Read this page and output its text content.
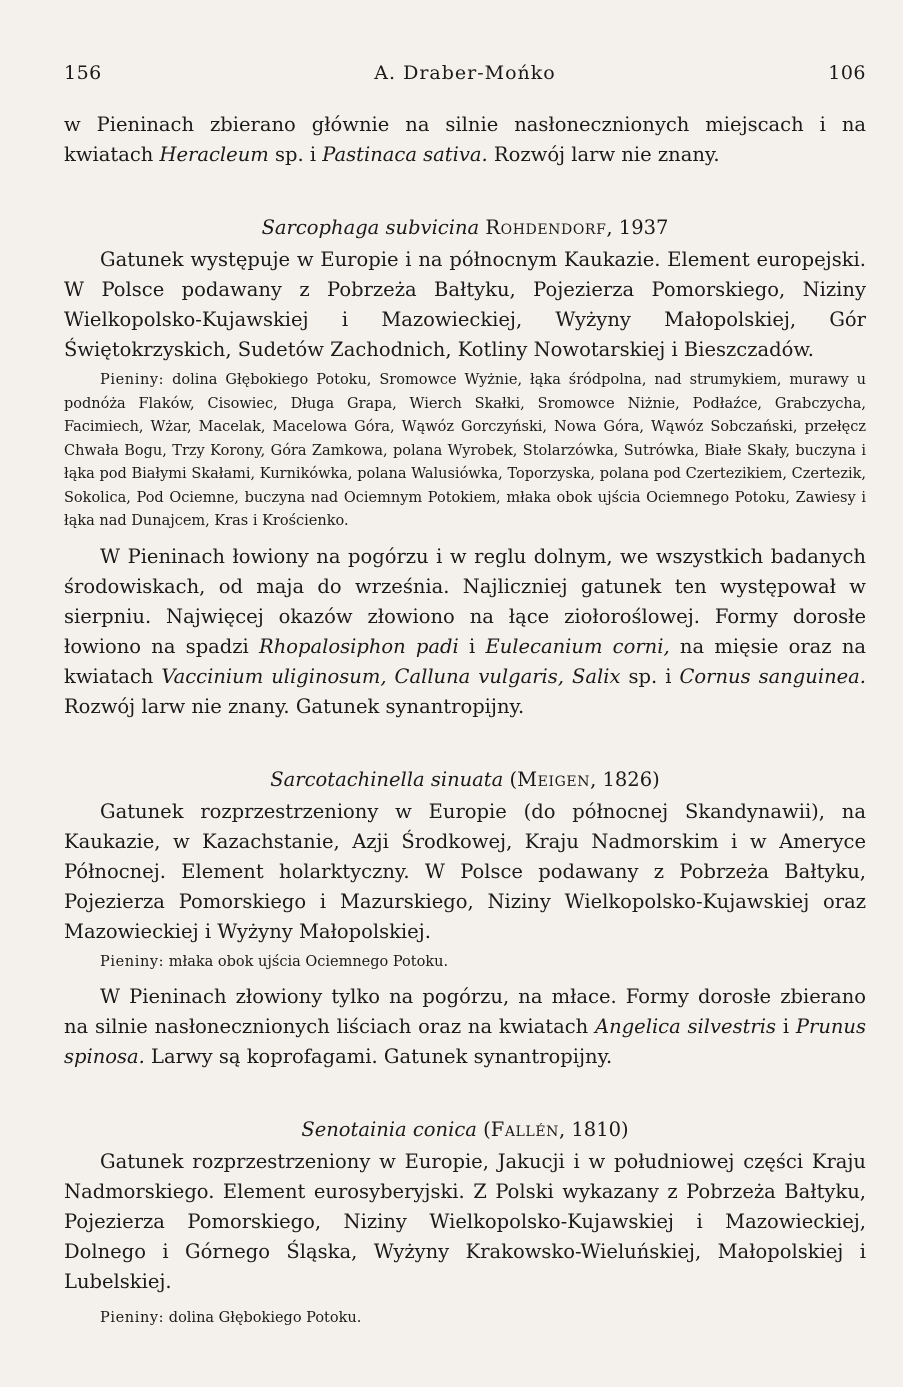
156	A. Draber-Mońko	106

w Pieninach zbierano głównie na silnie nasłonecznionych miejscach i na kwiatach Heracleum sp. i Pastinaca sativa. Rozwój larw nie znany.

Sarcophaga subvicina Rohdendorf, 1937

Gatunek występuje w Europie i na północnym Kaukazie. Element europejski. W Polsce podawany z Pobrzeża Bałtyku, Pojezierza Pomorskiego, Niziny Wielkopolsko-Kujawskiej i Mazowieckiej, Wyżyny Małopolskiej, Gór Świętokrzyskich, Sudetów Zachodnich, Kotliny Nowotarskiej i Bieszczadów.

Pieniny: dolina Głębokiego Potoku, Sromowce Wyżnie, łąka śródpolna, nad strumykiem, murawy u podnóża Flaków, Cisowiec, Długa Grapa, Wierch Skałki, Sromowce Niżnie, Podłaźce, Grabczycha, Facimiech, Wżar, Macelak, Macelowa Góra, Wąwóz Gorczyński, Nowa Góra, Wąwóz Sobczański, przełęcz Chwała Bogu, Trzy Korony, Góra Zamkowa, polana Wyrobek, Stolarzówka, Sutrówka, Białe Skały, buczyna i łąka pod Białymi Skałami, Kurnikówka, polana Walusiówka, Toporzyska, polana pod Czertezikiem, Czertezik, Sokolica, Pod Ociemne, buczyna nad Ociemnym Potokiem, młaka obok ujścia Ociemnego Potoku, Zawiesy i łąka nad Dunajcem, Kras i Krościenko.

W Pieninach łowiony na pogórzu i w reglu dolnym, we wszystkich badanych środowiskach, od maja do września. Najliczniej gatunek ten występował w sierpniu. Najwięcej okazów złowiono na łące ziołoroślowej. Formy dorosłe łowiono na spadzi Rhopalosiphon padi i Eulecanium corni, na mięsie oraz na kwiatach Vaccinium uliginosum, Calluna vulgaris, Salix sp. i Cornus sanguinea. Rozwój larw nie znany. Gatunek synantropijny.

Sarcotachinella sinuata (Meigen, 1826)

Gatunek rozprzestrzeniony w Europie (do północnej Skandynawii), na Kaukazie, w Kazachstanie, Azji Środkowej, Kraju Nadmorskim i w Ameryce Północnej. Element holarktyczny. W Polsce podawany z Pobrzeża Bałtyku, Pojezierza Pomorskiego i Mazurskiego, Niziny Wielkopolsko-Kujawskiej oraz Mazowieckiej i Wyżyny Małopolskiej.

Pieniny: młaka obok ujścia Ociemnego Potoku.

W Pieninach złowiony tylko na pogórzu, na młace. Formy dorosłe zbierano na silnie nasłonecznionych liściach oraz na kwiatach Angelica silvestris i Prunus spinosa. Larwy są koprofagami. Gatunek synantropijny.

Senotainia conica (Fallén, 1810)

Gatunek rozprzestrzeniony w Europie, Jakucji i w południowej części Kraju Nadmorskiego. Element eurosyberyjski. Z Polski wykazany z Pobrzeża Bałtyku, Pojezierza Pomorskiego, Niziny Wielkopolsko-Kujawskiej i Mazowieckiej, Dolnego i Górnego Śląska, Wyżyny Krakowsko-Wieluńskiej, Małopolskiej i Lubelskiej.

Pieniny: dolina Głębokiego Potoku.
